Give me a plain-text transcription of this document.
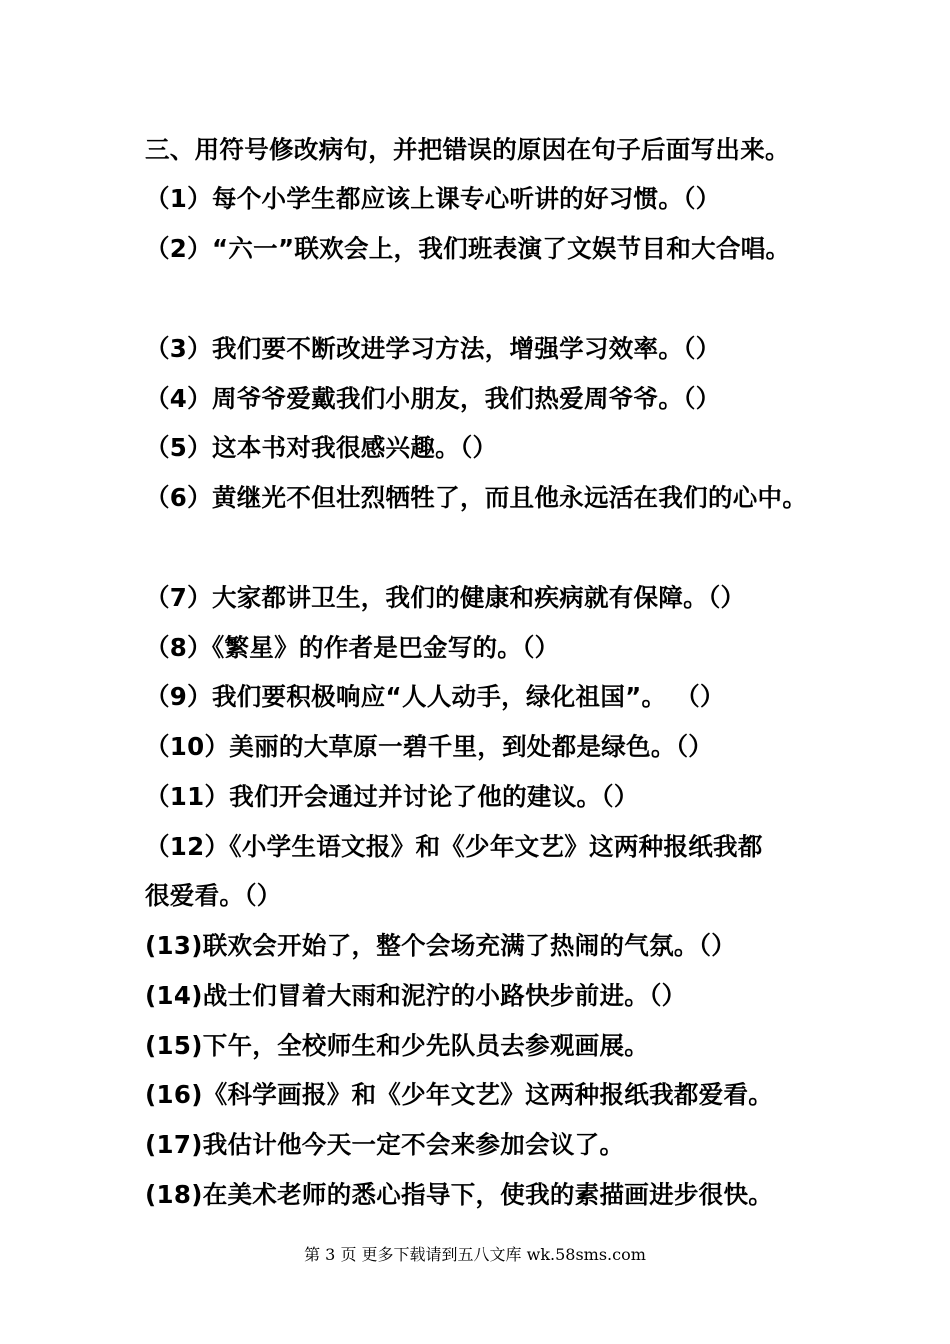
三、用符号修改病句，并把错误的原因在句子后面写出来。
（1）每个小学生都应该上课专心听讲的好习惯。（）
（2）“六一”联欢会上，我们班表演了文娱节目和大合唱。
（3）我们要不断改进学习方法，增强学习效率。（）
（4）周爷爷爱戴我们小朋友，我们热爱周爷爷。（）
（5）这本书对我很感兴趣。（）
（6）黄继光不但壮烈牺牲了，而且他永远活在我们的心中。
（7）大家都讲卫生，我们的健康和疾病就有保障。（）
（8）《繁星》的作者是巴金写的。（）
（9）我们要积极响应“人人动手，绿化祖国”。 （）
（10）美丽的大草原一碧千里，到处都是绿色。（）
（11）我们开会通过并讨论了他的建议。（）
（12）《小学生语文报》和《少年文艺》这两种报纸我都
很爱看。（）
(13)联欢会开始了，整个会场充满了热闹的气氛。（）
(14)战士们冒着大雨和泥泞的小路快步前进。（）
(15)下午，全校师生和少先队员去参观画展。
(16)《科学画报》和《少年文艺》这两种报纸我都爱看。
(17)我估计他今天一定不会来参加会议了。
(18)在美术老师的悉心指导下，使我的素描画进步很快。
第 3 页 更多下载请到五八文库 wk.58sms.com
